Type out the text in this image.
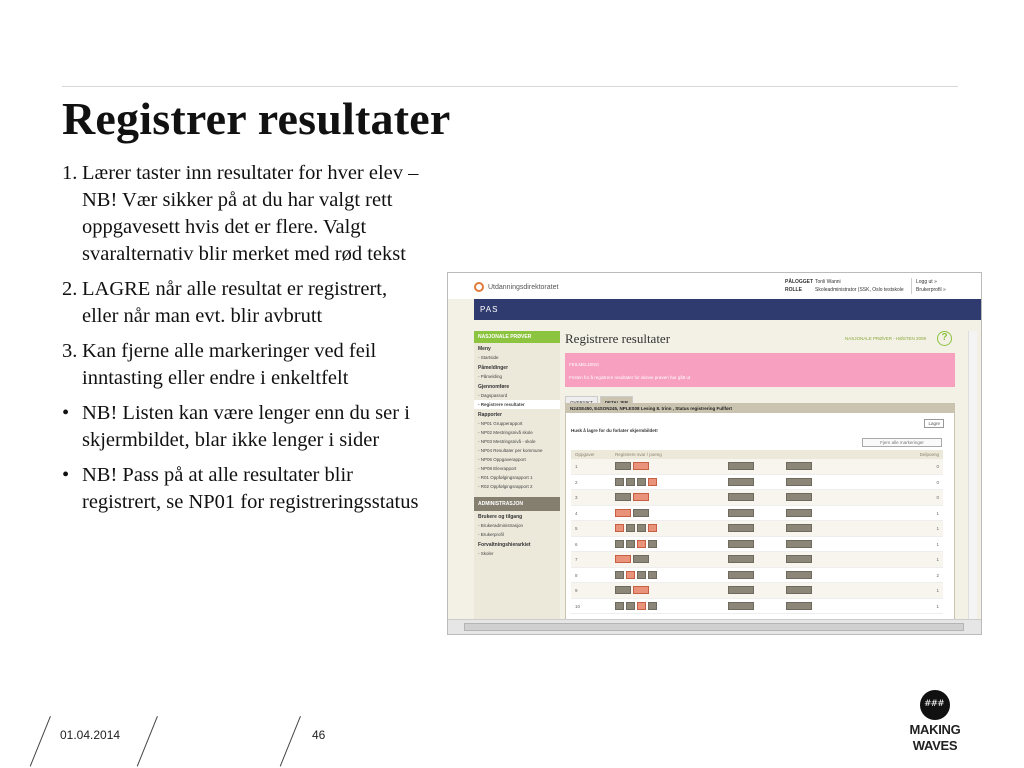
Registrer resultater
1. Lærer taster inn resultater for hver elev – NB! Vær sikker på at du har valgt rett oppgavesett hvis det er flere. Valgt svaralternativ blir merket med rød tekst
2. LAGRE når alle resultat er registrert, eller når man evt. blir avbrutt
3. Kan fjerne alle markeringer ved feil inntasting eller endre i enkeltfelt
• NB! Listen kan være lenger enn du ser i skjermbildet, blar ikke lenger i sider
• NB! Pass på at alle resultater blir registrert, se NP01 for registreringsstatus
Utdanningsdirektoratet
PÅLOGGET Tonli Wanni
ROLLE	Skoleadministrator (SSK, Oslo testskole
Logg ut »
Brukerprofil »
PAS
NASJONALE PRØVER
Meny
- Startside
Påmeldinger
- Påmelding
Gjennomføre
- Dagspassord
- Registrere resultater
Rapporter
- NP01 Grupperapport
- NP02 Mestringsnivå skole
- NP03 Mestringsnivå - skole
- NP04 Resultater per kommune
- NP06 Oppgaverapport
- NP08 Elevrapport
- R01 Oppfølgingsrapport 1
- R02 Oppfølgingsrapport 2
ADMINISTRASJON
Brukere og tilgang
- Brukeradministrasjon
- Brukerprofil
Forvaltningshierarkiet
- Skoler
Registrere resultater	NASJONALE PRØVER - HØSTEN 2009	?
FEILMELDING
Fristen for å registrere resultater for denne prøven har gått ut
N24SE450, E4SON245, NPLES08 Lesing 8. trinn , Status registrering Fullført
Lagre
Husk å lagre for du forlater skjermbildet!
Fjern alle markeringer
Oppgaver	Registrere svar / poeng	Delpoeng
1	0
2	0
3	0
4	1
5	1
6	1
7	1
8	2
9	1
10	1
01.04.2014	46
###	MAKING
WAVES
